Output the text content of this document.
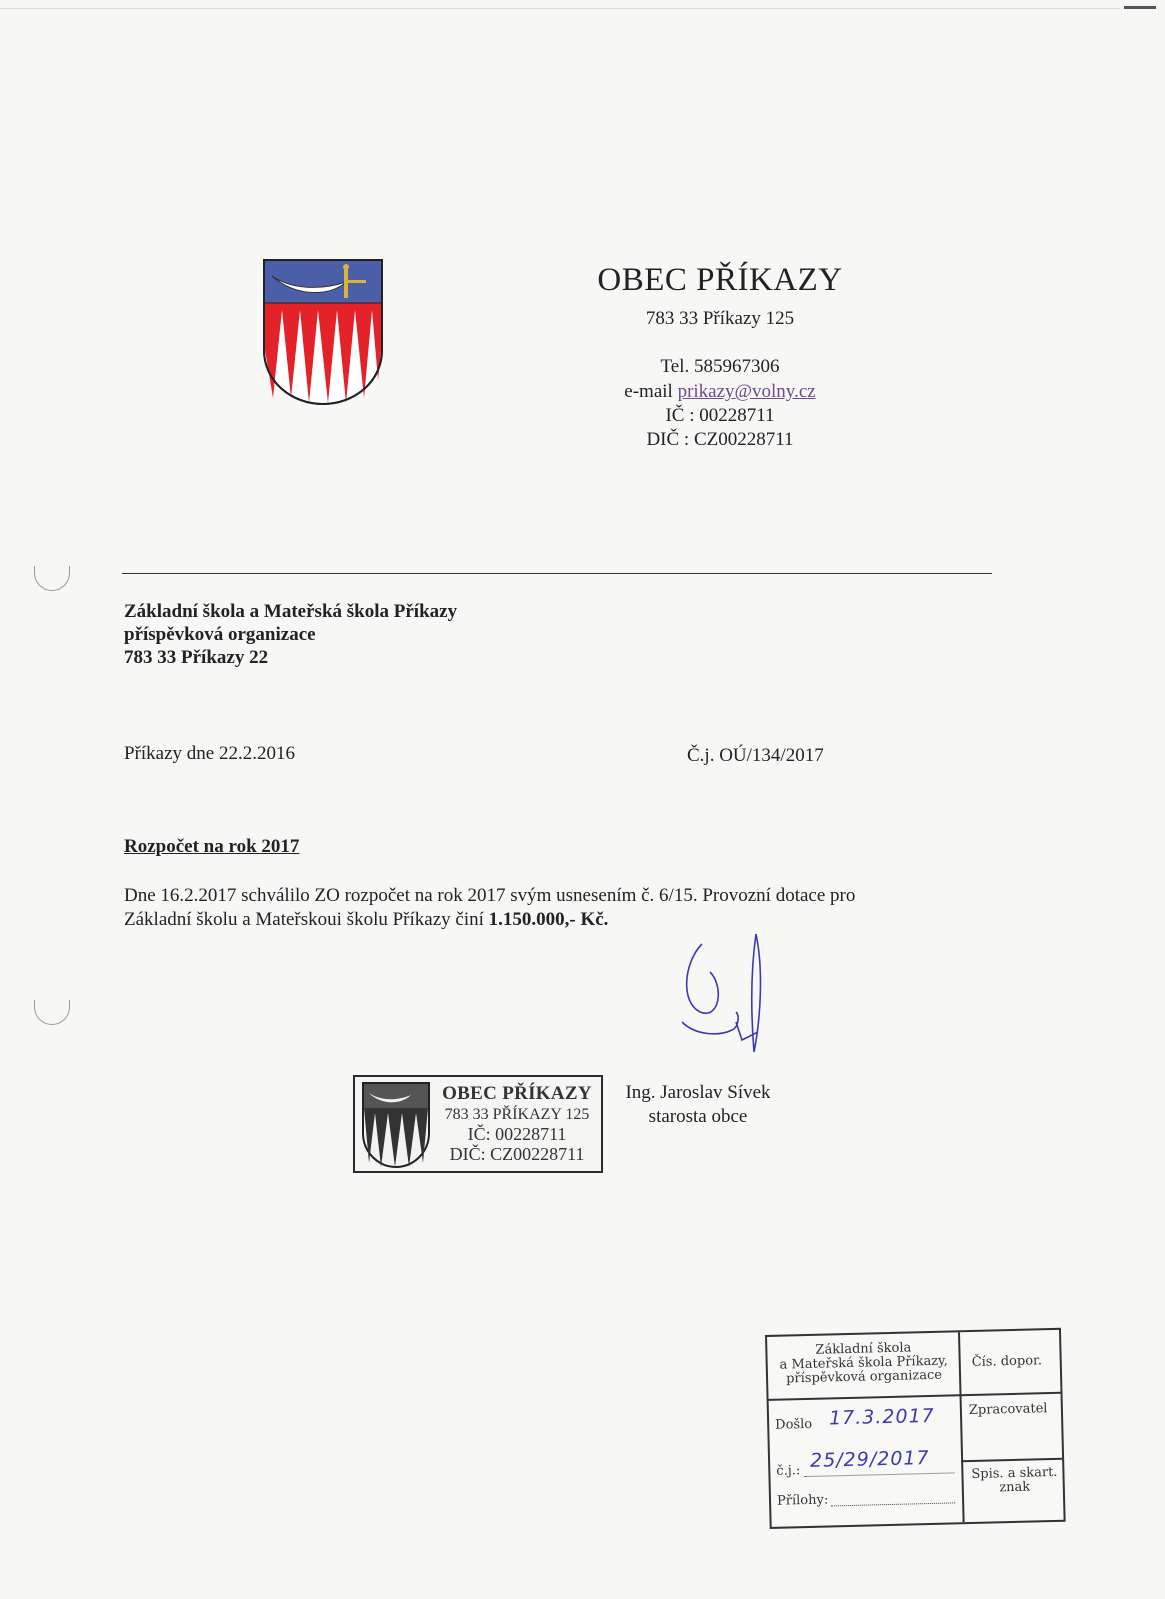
OBEC PŘÍKAZY
783 33 Příkazy 125
Tel. 585967306
e-mail prikazy@volny.cz
IČ : 00228711
DIČ : CZ00228711
Základní škola a Mateřská škola Příkazy
příspěvková organizace
783 33 Příkazy 22
Příkazy dne 22.2.2016	Č.j. OÚ/134/2017
Rozpočet na rok 2017
Dne 16.2.2017 schválilo ZO rozpočet na rok 2017 svým usnesením č. 6/15. Provozní dotace pro
Základní školu a Mateřskoui školu Příkazy činí 1.150.000,- Kč.
OBEC PŘÍKAZY
783 33 PŘÍKAZY 125
IČ: 00228711
DIČ: CZ00228711
Ing. Jaroslav Sívek
starosta obce
Základní škola
a Mateřská škola Příkazy,
příspěvková organizace
Čís. dopor.
Došlo 17.3.2017	Zpracovatel
č.j.: 25/29/2017
Spis. a skart.
znak
Přílohy:
